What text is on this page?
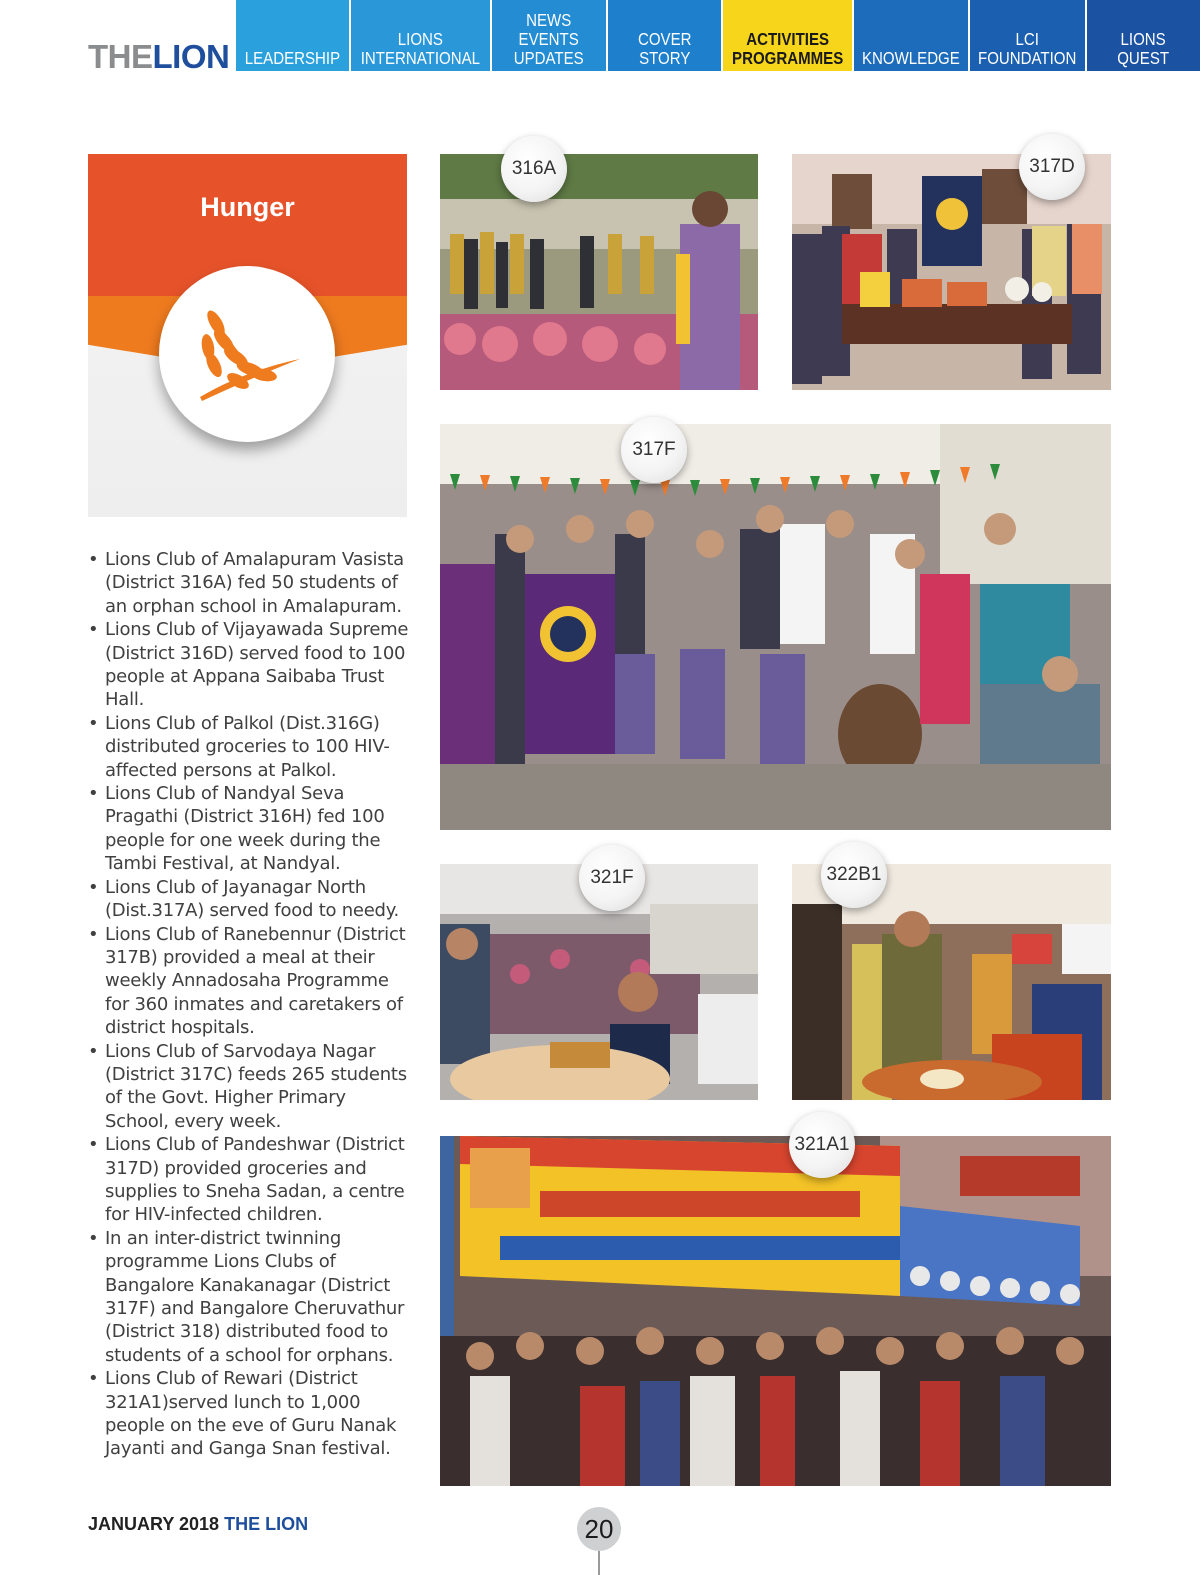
THELION LEADERSHIP
LIONS
INTERNATIONAL
NEWS
EVENTS
UPDATES
COVER STORY
ACTIVITIES
PROGRAMMES KNOWLEDGE
LCI
FOUNDATION
LIONS
QUEST
Hunger
• Lions Club of Amalapuram Vasista (District 316A) fed 50 students of an orphan school in Amalapuram.
• Lions Club of Vijayawada Supreme (District 316D) served food to 100 people at Appana Saibaba Trust Hall.
• Lions Club of Palkol (Dist.316G) distributed groceries to 100 HIV-affected persons at Palkol.
• Lions Club of Nandyal Seva Pragathi (District 316H) fed 100 people for one week during the Tambi Festival, at Nandyal.
• Lions Club of Jayanagar North (Dist.317A) served food to needy.
• Lions Club of Ranebennur (District 317B) provided a meal at their weekly Annadosaha Programme for 360 inmates and caretakers of district hospitals.
• Lions Club of Sarvodaya Nagar (District 317C) feeds 265 students of the Govt. Higher Primary School, every week.
• Lions Club of Pandeshwar (District 317D) provided groceries and supplies to Sneha Sadan, a centre for HIV-infected children.
• In an inter-district twinning programme Lions Clubs of Bangalore Kanakanagar (District 317F) and Bangalore Cheruvathur (District 318) distributed food to students of a school for orphans.
• Lions Club of Rewari (District 321A1)served lunch to 1,000 people on the eve of Guru Nanak Jayanti and Ganga Snan festival.
316A	317D
317F
321F	322B1
321A1
JANUARY 2018 THE LION	20
